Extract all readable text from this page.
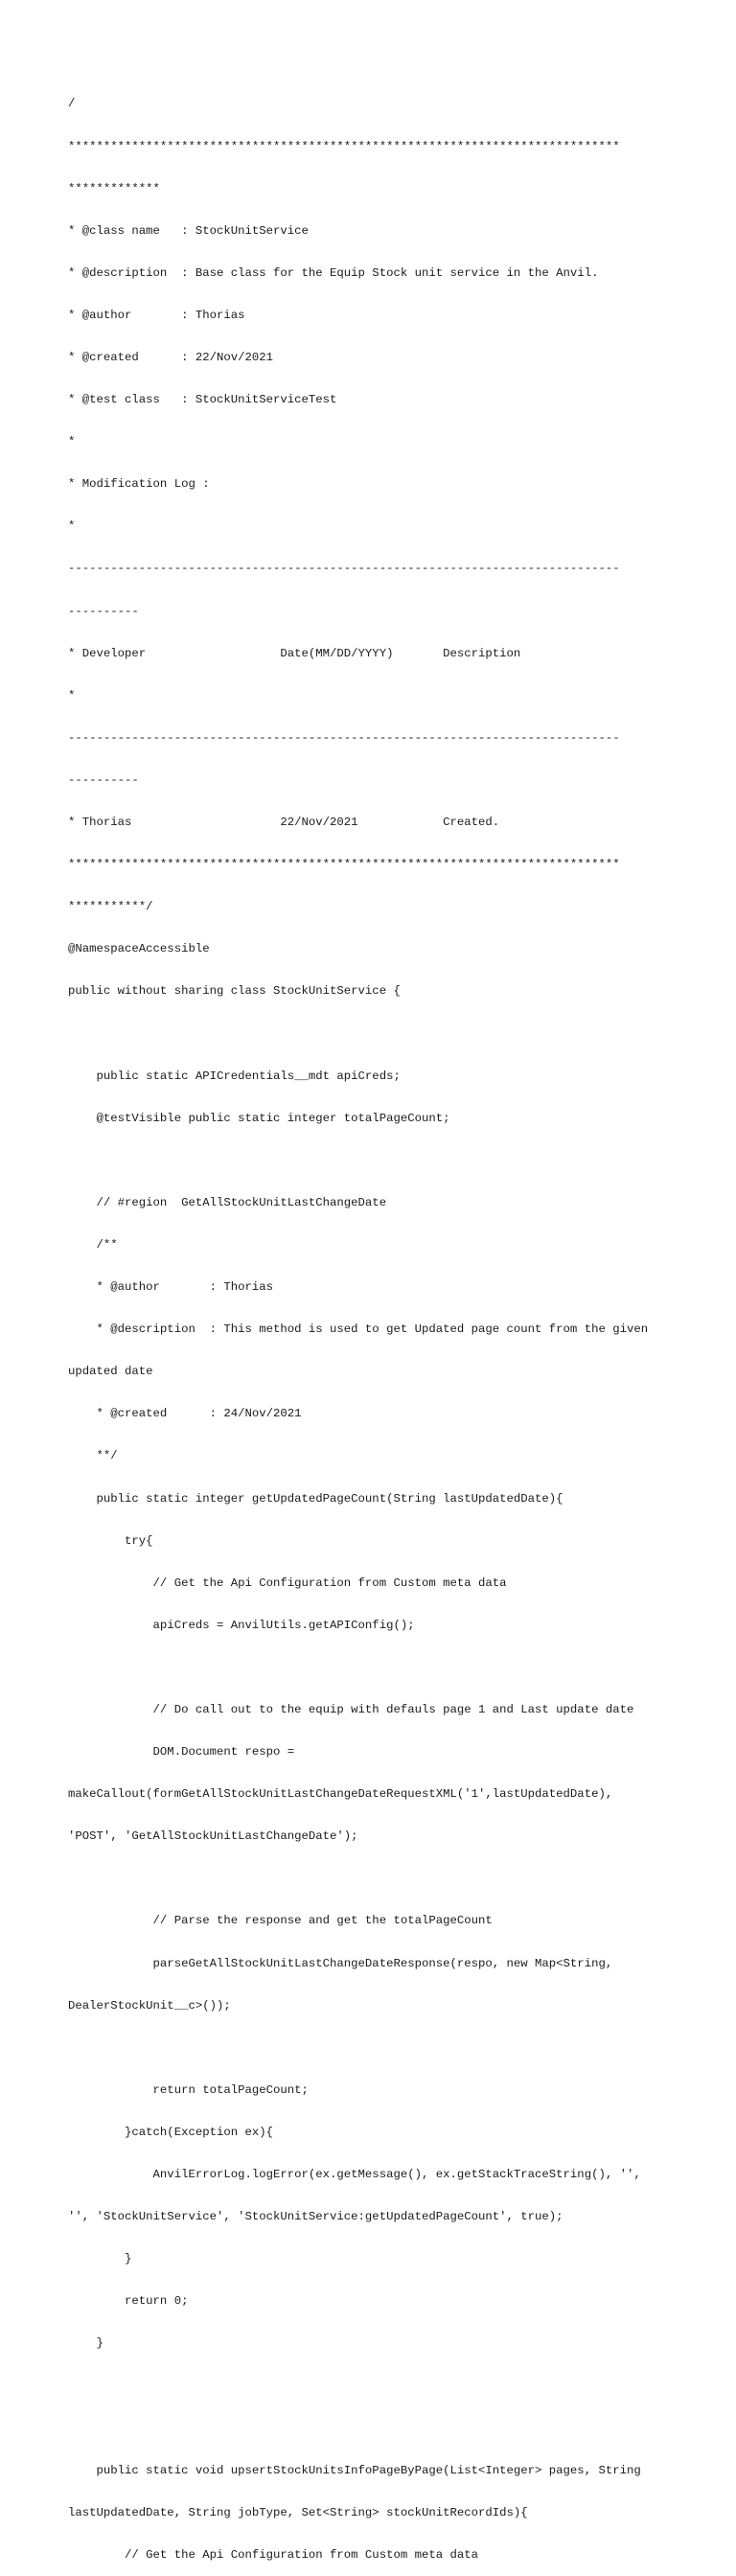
/

******************************************************************************

*************

* @class name   : StockUnitService

* @description  : Base class for the Equip Stock unit service in the Anvil.

* @author       : Thorias

* @created      : 22/Nov/2021

* @test class   : StockUnitServiceTest

*

* Modification Log :

*

------------------------------------------------------------------------------

----------

* Developer                   Date(MM/DD/YYYY)       Description

*

------------------------------------------------------------------------------

----------

* Thorias                     22/Nov/2021            Created.

******************************************************************************

***********/

@NamespaceAccessible

public without sharing class StockUnitService {

public static APICredentials__mdt apiCreds;

@testVisible public static integer totalPageCount;

// #region  GetAllStockUnitLastChangeDate

/**

* @author       : Thorias

* @description  : This method is used to get Updated page count from the given

updated date

* @created      : 24/Nov/2021

**/

public static integer getUpdatedPageCount(String lastUpdatedDate){

try{

// Get the Api Configuration from Custom meta data

apiCreds = AnvilUtils.getAPIConfig();

// Do call out to the equip with defauls page 1 and Last update date

DOM.Document respo =

makeCallout(formGetAllStockUnitLastChangeDateRequestXML('1',lastUpdatedDate),

'POST', 'GetAllStockUnitLastChangeDate');

// Parse the response and get the totalPageCount

parseGetAllStockUnitLastChangeDateResponse(respo, new Map<String,

DealerStockUnit__c>());

return totalPageCount;

}catch(Exception ex){

AnvilErrorLog.logError(ex.getMessage(), ex.getStackTraceString(), '',

'', 'StockUnitService', 'StockUnitService:getUpdatedPageCount', true);

}

return 0;

}

public static void upsertStockUnitsInfoPageByPage(List<Integer> pages, String

lastUpdatedDate, String jobType, Set<String> stockUnitRecordIds){

// Get the Api Configuration from Custom meta data
